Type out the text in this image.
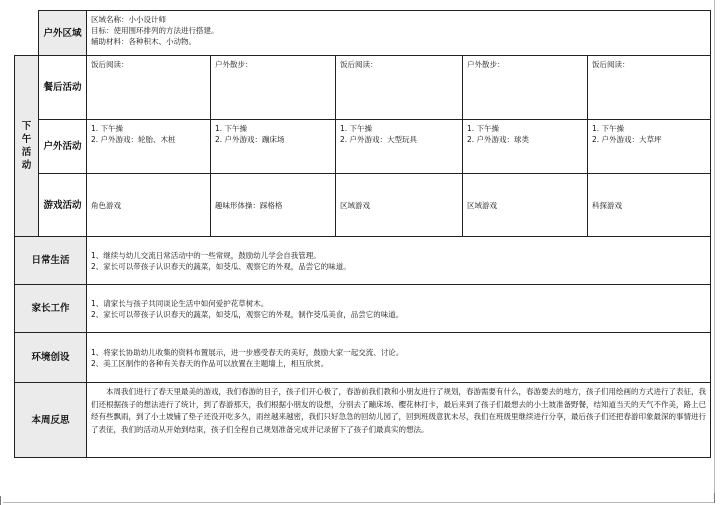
	户外区域	区域名称：小小设计师
目标：使用围环排列的方法进行搭建。
辅助材料：各种积木、小动物。				

下午活动	餐后活动	饭后阅读：	户外散步：	饭后阅读：	户外散步：	饭后阅读：
	户外活动	1. 下午操
2. 户外游戏：轮胎、木桩	1. 下午操
2. 户外游戏：蹦床场	1. 下午操
2. 户外游戏：大型玩具	1. 下午操
2. 户外游戏：球类	1. 下午操
2. 户外游戏：大草坪

	游戏活动	角色游戏	趣味形体操：踩格格	区域游戏	区域游戏	科探游戏
日常生活		1、继续与幼儿交流日常活动中的一些常规，鼓励幼儿学会自我管理。
2、家长可以带孩子认识春天的蔬菜，如茭瓜、观察它的外观，品尝它的味道。				

家长工作		1、请家长与孩子共同谈论生活中如何爱护花草树木。
2、家长可以带孩子认识春天的蔬菜，如茭瓜，观察它的外观，制作茭瓜美食，品尝它的味道。				

环境创设		1、将家长协助幼儿收集的资料布置展示，进一步感受春天的美好，鼓励大家一起交流、讨论。
2、美工区制作的各种有关春天的作品可以放置在主题墙上，相互欣赏。				

本周反思		本周我们进行了春天里最美的游戏，我们春游的目子，孩子们开心极了，春游前我们教和小朋友进行了规划，春游需要有什么，春游要去的地方，孩子们用绘画的方式进行了表征，我们还根据孩子的想法进行了统计，到了春游那天，我们根据小朋友的设想，分别去了蹦床场、樱花林打卡，最后来到了孩子们最想去的小土坡准备野餐，结知道当天的天气不作美，路上已经有些飘雨，到了小土坡铺了垫子还没开吃多久，雨丝越来越密，我们只好急急的回幼儿园了，回到班级意犹未尽，我们在班级里继续进行分享，最后孩子们还把春游印象最深的事情进行了表征，我们的活动从开始到结束，孩子们全程自己规划准备完成并记录留下了孩子们最真实的想法。				
